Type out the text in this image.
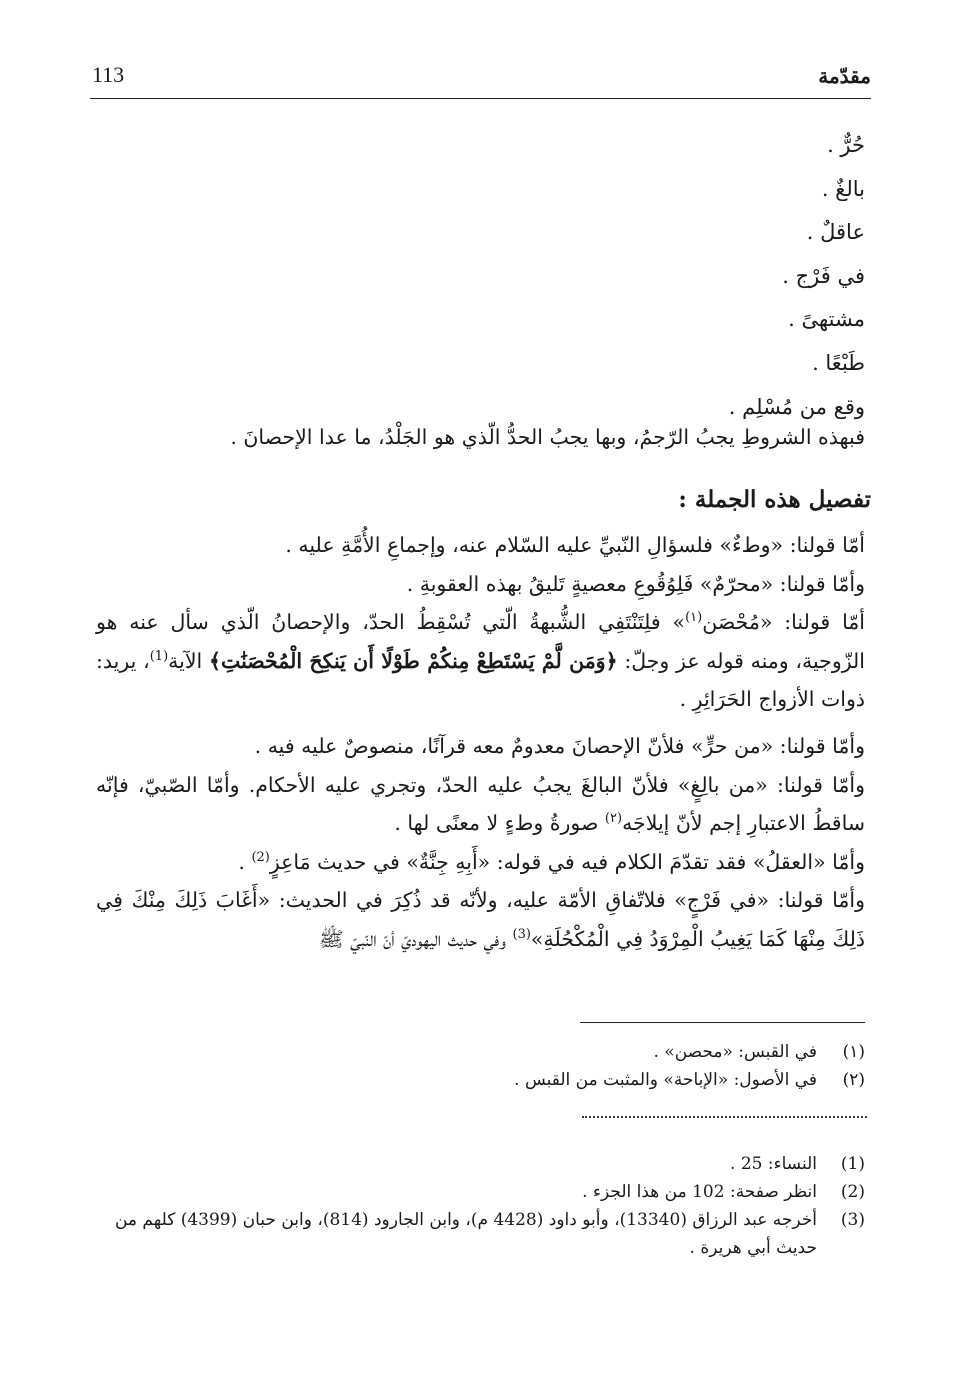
113	مقدّمة
حُرٌّ .
بالغٌ .
عاقلٌ .
في فَرْج .
مشتهىً .
طَبْعًا .
وقع من مُسْلِم .
فبهذه الشروطِ يجبُ الرّجمُ، وبها يجبُ الحدُّ الّذي هو الجَلْدُ، ما عدا الإحصانَ .
تفصيل هذه الجملة :

أمّا قولنا: «وطءٌ» فلسؤالِ النّبيِّ عليه السّلام عنه، وإجماعِ الأُمَّةِ عليه .

وأمّا قولنا: «محرّمٌ» فَلِوُقُوعِ معصيةٍ تَليقُ بهذه العقوبةِ .

أمّا قولنا: «مُحْصَن$^{(١)}$» فلِتَنْتَفِي الشُّبهةُ الّتي تُسْقِطُ الحدّ، والإحصانُ الّذي سأل عنه هو الزّوجية، ومنه قوله عز وجلّ: ﴿وَمَن لَّمْ يَسْتَطِعْ مِنكُمْ طَوْلًا أَن يَنكِحَ الْمُحْصَنَٰتِ﴾ الآية$^{(1)}$، يريد: ذوات الأزواج الحَرَائِرِ .

وأمّا قولنا: «من حرٍّ» فلأنّ الإحصانَ معدومٌ معه قرآنًا، منصوصٌ عليه فيه .

وأمّا قولنا: «من بالِغٍ» فلأنّ البالغَ يجبُ عليه الحدّ، وتجري عليه الأحكام. وأمّا الصّبيّ، فإنّه ساقطُ الاعتبارِ إجم لأنّ إيلاجَه$^{(٢)}$ صورةُ وطءٍ لا معنًى لها .

وأمّا «العقلُ» فقد تقدّمَ الكلام فيه في قوله: «أَبِهِ جِنَّةٌ» في حديث مَاعِزٍ$^{(2)}$ .

وأمّا قولنا: «في فَرْجٍ» فلاتّفاقِ الأمّة عليه، ولأنّه قد ذُكِرَ في الحديث: «أَغَابَ ذَلِكَ مِنْكَ فِي ذَلِكَ مِنْهَا كَمَا يَغِيبُ الْمِرْوَدُ فِي الْمُكْحُلَةِ»$^{(3)}$ وفي حديث اليهوديّ أنّ النّبيّ ﷺ

(١)
في القبس: «محصن» .
(٢)
في الأصول: «الإباحة» والمثبت من القبس .
(1)
النساء: 25 .
(2)
انظر صفحة: 102 من هذا الجزء .
(3)
أخرجه عبد الرزاق (13340)، وأبو داود (4428 م)، وابن الجارود (814)، وابن حبان (4399) كلهم من حديث أبي هريرة .
